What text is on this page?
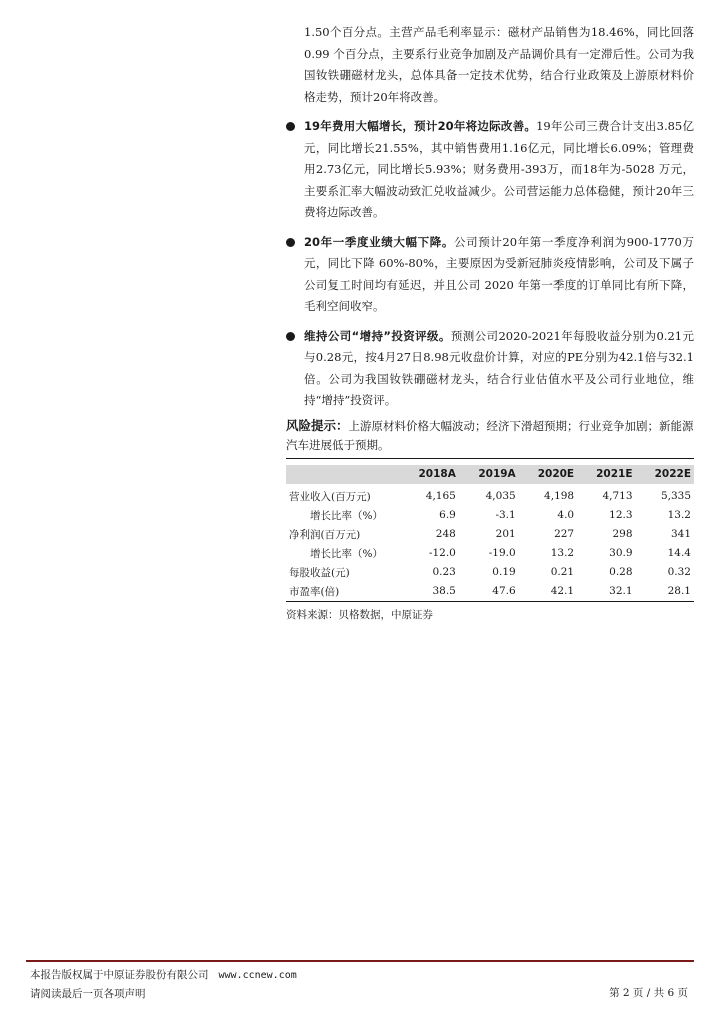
1.50个百分点。主营产品毛利率显示：磁材产品销售为18.46%，同比回落 0.99 个百分点，主要系行业竞争加剧及产品调价具有一定滞后性。公司为我国钕铁硼磁材龙头，总体具备一定技术优势，结合行业政策及上游原材料价格走势，预计20年将改善。

19年费用大幅增长，预计20年将边际改善。19年公司三费合计支出3.85亿元，同比增长21.55%，其中销售费用1.16亿元，同比增长6.09%；管理费用2.73亿元，同比增长5.93%；财务费用-393万，而18年为-5028 万元，主要系汇率大幅波动致汇兑收益减少。公司营运能力总体稳健，预计20年三费将边际改善。
20年一季度业绩大幅下降。公司预计20年第一季度净利润为900-1770万元，同比下降 60%-80%，主要原因为受新冠肺炎疫情影响，公司及下属子公司复工时间均有延迟，并且公司 2020 年第一季度的订单同比有所下降，毛利空间收窄。
维持公司“增持”投资评级。预测公司2020-2021年每股收益分别为0.21元与0.28元，按4月27日8.98元收盘价计算，对应的PE分别为42.1倍与32.1倍。公司为我国钕铁硼磁材龙头，结合行业估值水平及公司行业地位，维持“增持”投资评。
风险提示：上游原材料价格大幅波动；经济下滑超预期；行业竞争加剧；新能源汽车进展低于预期。
	2018A	2019A	2020E	2021E	2022E
营业收入(百万元)	4,165	4,035	4,198	4,713	5,335
增长比率（%）	6.9	-3.1	4.0	12.3	13.2
净利润(百万元)	248	201	227	298	341
增长比率（%）	-12.0	-19.0	13.2	30.9	14.4
每股收益(元)	0.23	0.19	0.21	0.28	0.32
市盈率(倍)	38.5	47.6	42.1	32.1	28.1
资料来源：贝格数据，中原证券
本报告版权属于中原证券股份有限公司 www.ccnew.com
请阅读最后一页各项声明	第 2 页 / 共 6 页
